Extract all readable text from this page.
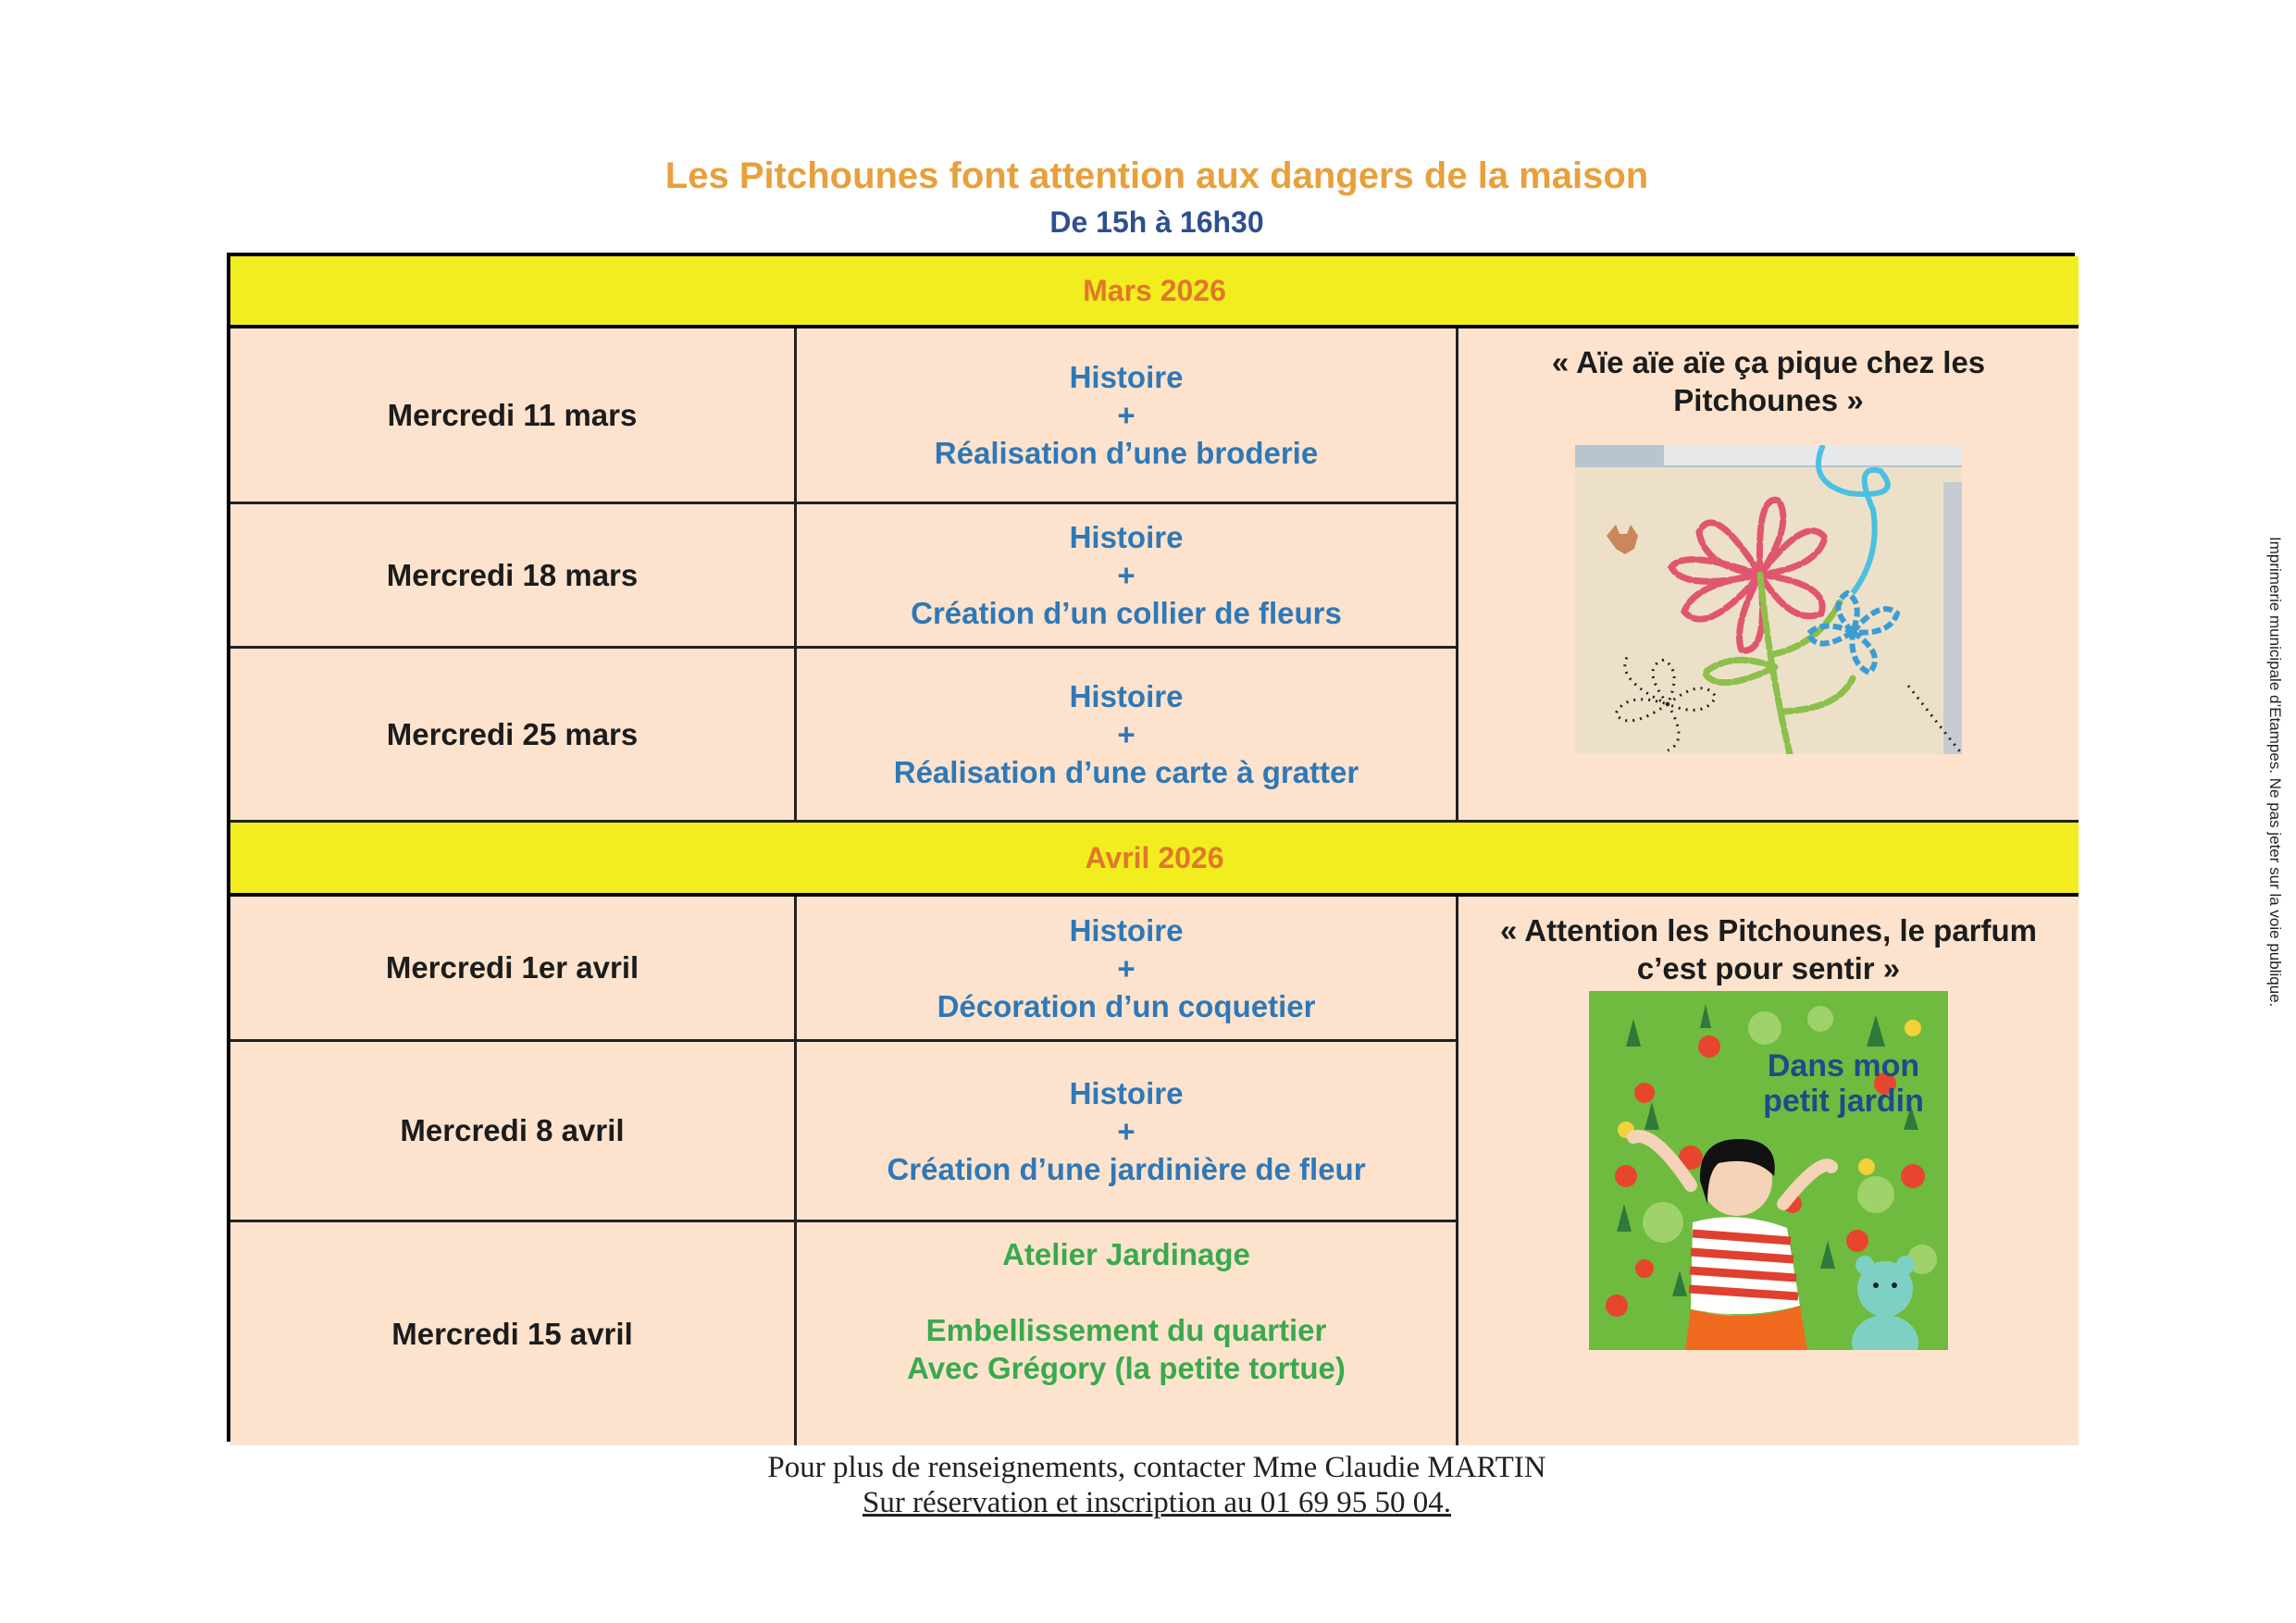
Les Pitchounes font attention aux dangers de la maison
De 15h à 16h30
Mars 2026
Mercredi 11 mars
Histoire
+
Réalisation d’une broderie
Mercredi 18 mars
Histoire
+
Création d’un collier de fleurs
Mercredi 25 mars
Histoire
+
Réalisation d’une carte à gratter
« Aïe aïe aïe ça pique chez les Pitchounes »
Avril 2026
Mercredi 1er avril
Histoire
+
Décoration d’un coquetier
Mercredi 8 avril
Histoire
+
Création d’une jardinière de fleur
Mercredi 15 avril
Atelier Jardinage
Embellissement du quartier
Avec Grégory (la petite tortue)
« Attention les Pitchounes, le parfum c’est pour sentir »
Dans mon
petit jardin
Pour plus de renseignements, contacter Mme Claudie MARTIN
Sur réservation et inscription au 01 69 95 50 04.
Imprimerie municipale d’Etampes. Ne pas jeter sur la voie publique.
